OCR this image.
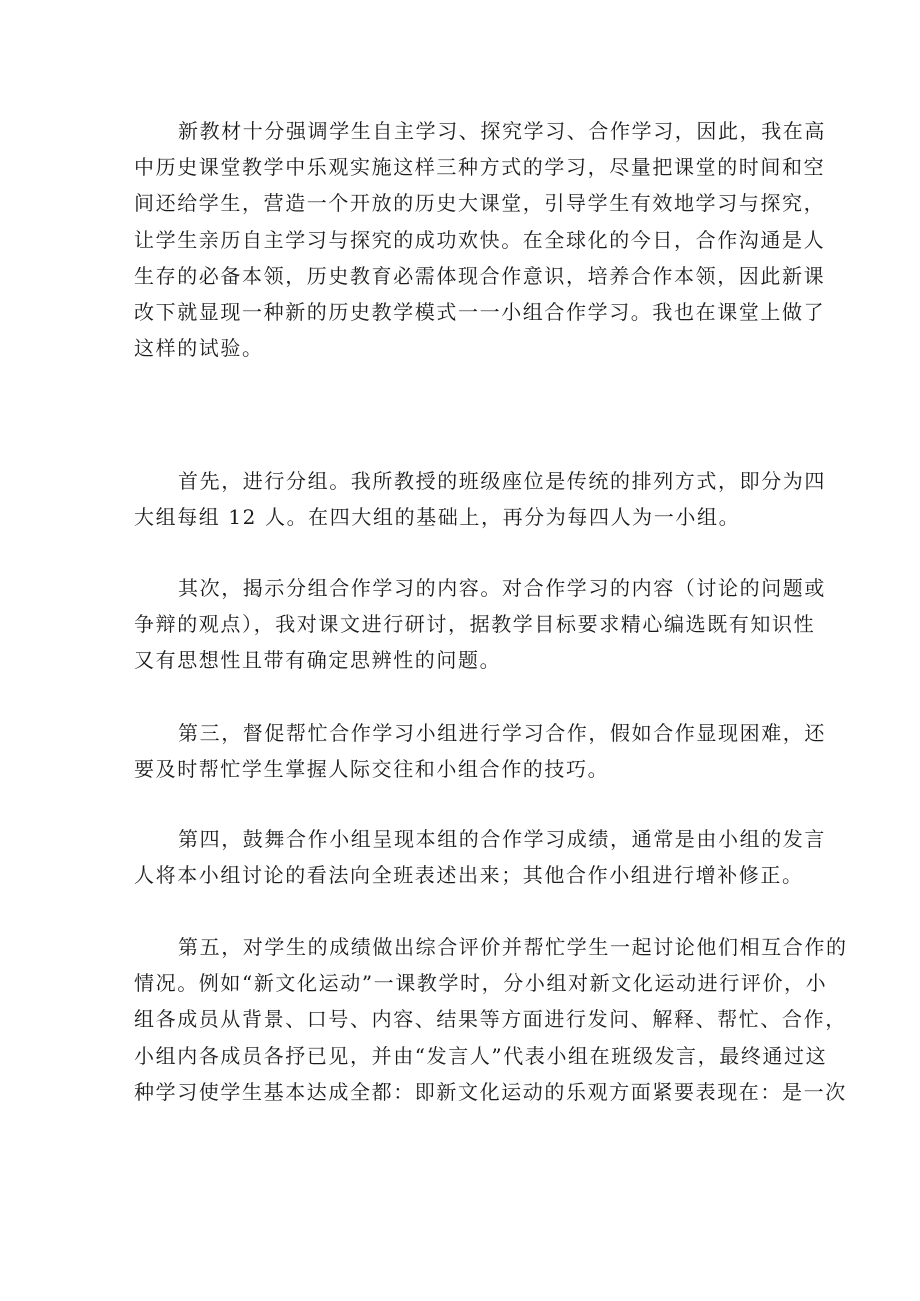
新教材十分强调学生自主学习、探究学习、合作学习，因此，我在高
中历史课堂教学中乐观实施这样三种方式的学习，尽量把课堂的时间和空
间还给学生，营造一个开放的历史大课堂，引导学生有效地学习与探究，
让学生亲历自主学习与探究的成功欢快。在全球化的今日，合作沟通是人
生存的必备本领，历史教育必需体现合作意识，培养合作本领，因此新课
改下就显现一种新的历史教学模式一一小组合作学习。我也在课堂上做了
这样的试验。
首先，进行分组。我所教授的班级座位是传统的排列方式，即分为四
大组每组 12 人。在四大组的基础上，再分为每四人为一小组。
其次，揭示分组合作学习的内容。对合作学习的内容（讨论的问题或
争辩的观点），我对课文进行研讨，据教学目标要求精心编选既有知识性
又有思想性且带有确定思辨性的问题。
第三，督促帮忙合作学习小组进行学习合作，假如合作显现困难，还
要及时帮忙学生掌握人际交往和小组合作的技巧。
第四，鼓舞合作小组呈现本组的合作学习成绩，通常是由小组的发言
人将本小组讨论的看法向全班表述出来；其他合作小组进行增补修正。
第五，对学生的成绩做出综合评价并帮忙学生一起讨论他们相互合作的
情况。例如“新文化运动”一课教学时，分小组对新文化运动进行评价，小
组各成员从背景、口号、内容、结果等方面进行发问、解释、帮忙、合作，
小组内各成员各抒已见，并由“发言人”代表小组在班级发言，最终通过这
种学习使学生基本达成全都：即新文化运动的乐观方面紧要表现在：是一次
